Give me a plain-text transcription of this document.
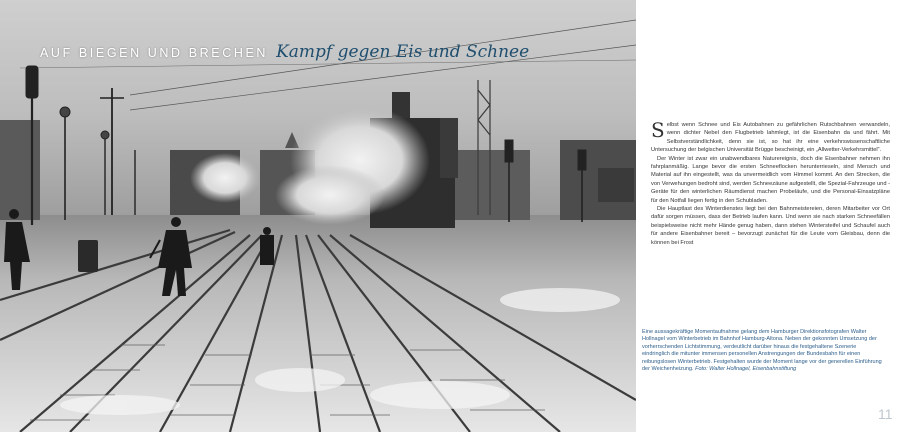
AUF BIEGEN UND BRECHEN Kampf gegen Eis und Schnee

Selbst wenn Schnee und Eis Autobahnen zu gefährlichen Rutschbahnen verwandeln, wenn dichter Nebel den Flugbetrieb lahmlegt, ist die Eisenbahn da und fährt. Mit Selbstverständlichkeit, denn sie ist, so hat ihr eine verkehrswissenschaftliche Untersuchung der belgischen Universität Brügge bescheinigt, ein „Allwetter-Verkehrsmittel“.

Der Winter ist zwar ein unabwendbares Naturereignis, doch die Eisenbahner nehmen ihn fahrplanmäßig. Lange bevor die ersten Schneeflocken herunterrieseln, sind Mensch und Material auf ihn eingestellt, was da unvermeidlich vom Himmel kommt. An den Strecken, die von Verwehungen bedroht sind, werden Schneezäune aufgestellt, die Spezial-Fahrzeuge und -Geräte für den winterlichen Räumdienst machen Probeläufe, und die Personal-Einsatzpläne für den Notfall liegen fertig in den Schubladen.

Die Hauptlast des Winterdienstes liegt bei den Bahnmeistereien, deren Mitarbeiter vor Ort dafür sorgen müssen, dass der Betrieb laufen kann. Und wenn sie nach starken Schneefällen beispielsweise nicht mehr Hände genug haben, dann stehen Wintersteifel und Schaufel auch für andere Eisenbahner bereit – bevorzugt zunächst für die Leute vom Gleisbau, denn die können bei Frost

Eine aussagekräftige Momentaufnahme gelang dem Hamburger Direktionsfotografen Walter Hollnagel vom Winterbetrieb im Bahnhof Hamburg-Altona. Neben der gekonnten Umsetzung der vorherrschenden Lichtstimmung, verdeutlicht darüber hinaus die festgehaltene Szenerie eindringlich die mitunter immensen personellen Anstrengungen der Bundesbahn für einen reibungslosen Winterbetrieb. Festgehalten wurde der Moment lange vor der generellen Einführung der Weichenheizung. Foto: Walter Hollnagel, Eisenbahnstiftung
11
